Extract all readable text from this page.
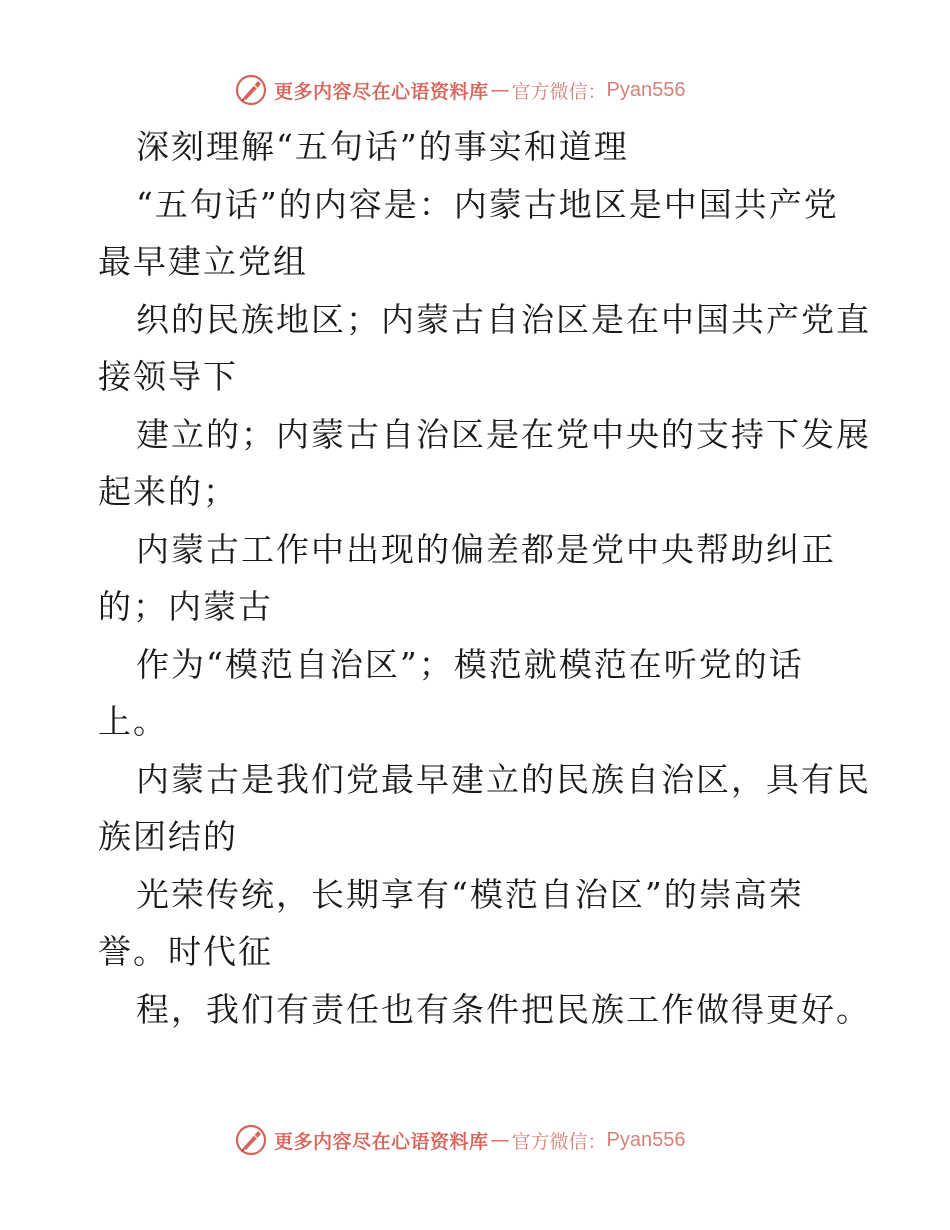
更多内容尽在心语资料库 — 官方微信： Pyan556
深刻理解“五句话”的事实和道理
“五句话”的内容是：内蒙古地区是中国共产党
最早建立党组
织的民族地区；内蒙古自治区是在中国共产党直
接领导下
建立的；内蒙古自治区是在党中央的支持下发展
起来的；
内蒙古工作中出现的偏差都是党中央帮助纠正
的；内蒙古
作为“模范自治区”；模范就模范在听党的话
上。
内蒙古是我们党最早建立的民族自治区，具有民
族团结的
光荣传统，长期享有“模范自治区”的崇高荣
誉。时代征
程，我们有责任也有条件把民族工作做得更好。
更多内容尽在心语资料库 — 官方微信： Pyan556
